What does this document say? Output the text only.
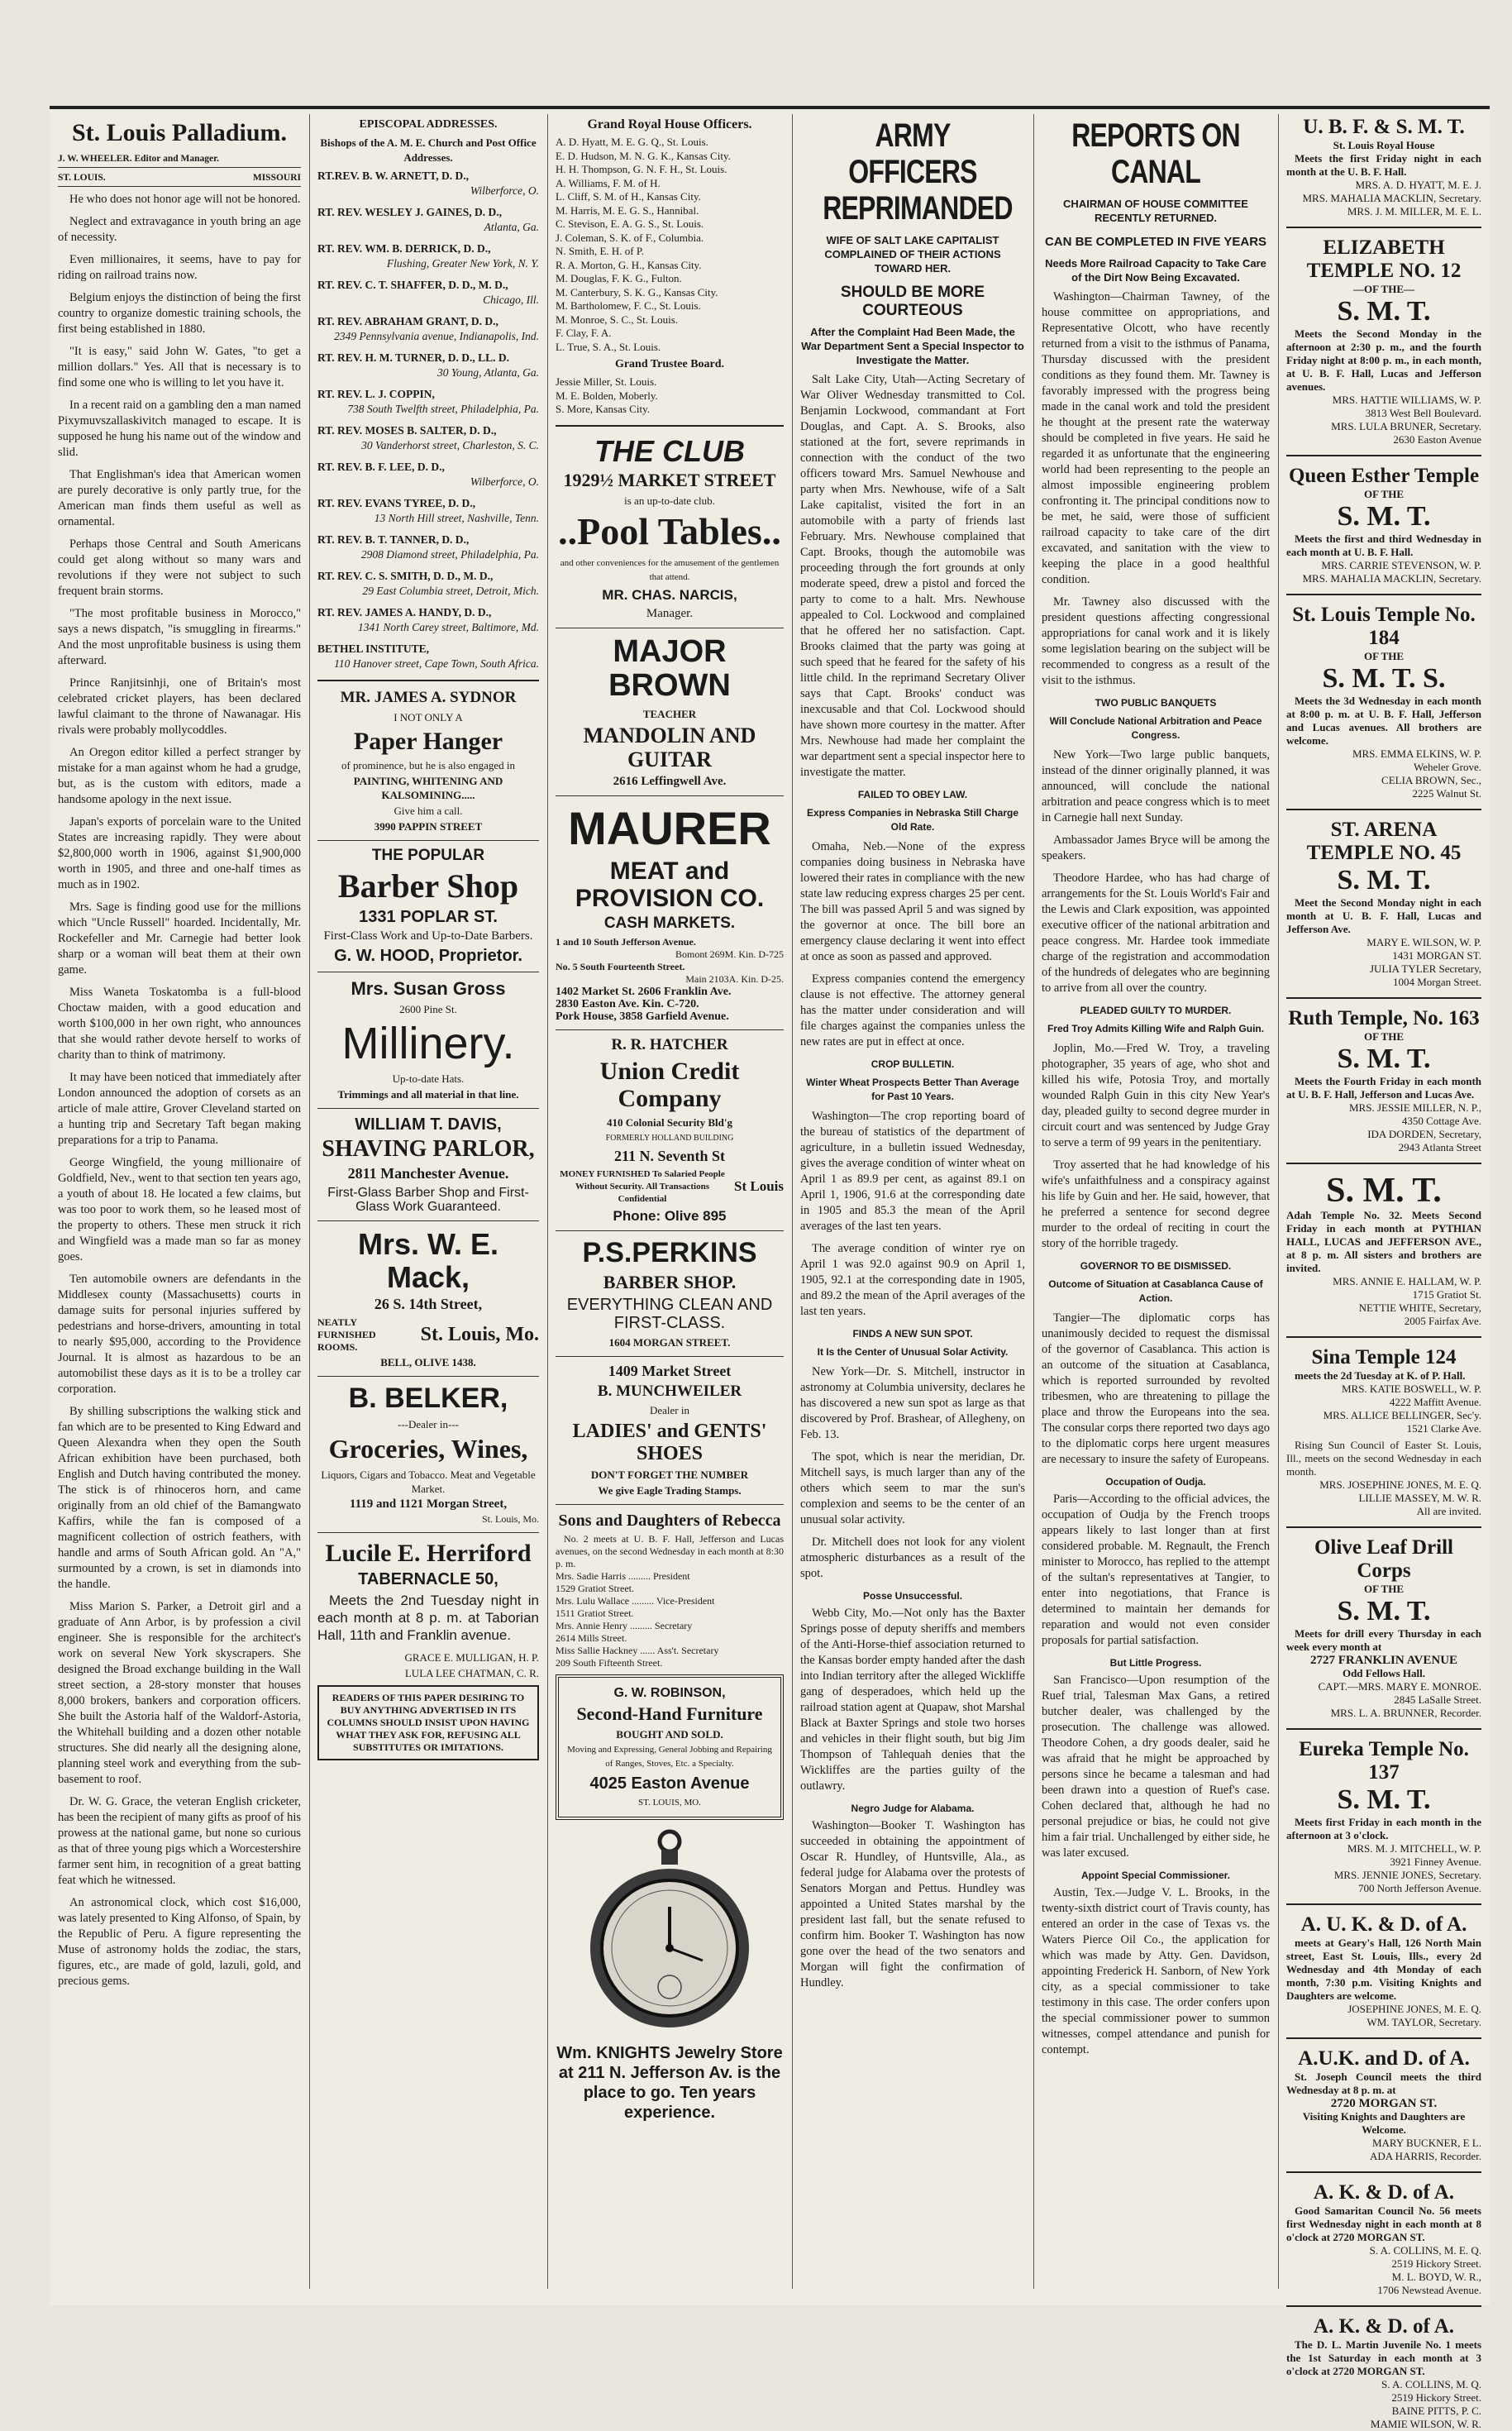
St. Louis Palladium.
J. W. WHEELER. Editor and Manager.
ST. LOUIS.	MISSOURI

He who does not honor age will not be honored.

Neglect and extravagance in youth bring an age of necessity.

Even millionaires, it seems, have to pay for riding on railroad trains now.

Belgium enjoys the distinction of being the first country to organize domestic training schools, the first being established in 1880.

"It is easy," said John W. Gates, "to get a million dollars." Yes. All that is necessary is to find some one who is willing to let you have it.

In a recent raid on a gambling den a man named Pixymuvszallaskivitch managed to escape. It is supposed he hung his name out of the window and slid.

That Englishman's idea that American women are purely decorative is only partly true, for the American man finds them useful as well as ornamental.

Perhaps those Central and South Americans could get along without so many wars and revolutions if they were not subject to such frequent brain storms.

"The most profitable business in Morocco," says a news dispatch, "is smuggling in firearms." And the most unprofitable business is using them afterward.

Prince Ranjitsinhji, one of Britain's most celebrated cricket players, has been declared lawful claimant to the throne of Nawanagar. His rivals were probably mollycoddles.

An Oregon editor killed a perfect stranger by mistake for a man against whom he had a grudge, but, as is the custom with editors, made a handsome apology in the next issue.

Japan's exports of porcelain ware to the United States are increasing rapidly. They were about $2,800,000 worth in 1906, against $1,900,000 worth in 1905, and three and one-half times as much as in 1902.

Mrs. Sage is finding good use for the millions which "Uncle Russell" hoarded. Incidentally, Mr. Rockefeller and Mr. Carnegie had better look sharp or a woman will beat them at their own game.

Miss Waneta Toskatomba is a full-blood Choctaw maiden, with a good education and worth $100,000 in her own right, who announces that she would rather devote herself to works of charity than to think of matrimony.

It may have been noticed that immediately after London announced the adoption of corsets as an article of male attire, Grover Cleveland started on a hunting trip and Secretary Taft began making preparations for a trip to Panama.

George Wingfield, the young millionaire of Goldfield, Nev., went to that section ten years ago, a youth of about 18. He located a few claims, but was too poor to work them, so he leased most of the property to others. These men struck it rich and Wingfield was a made man so far as money goes.

Ten automobile owners are defendants in the Middlesex county (Massachusetts) courts in damage suits for personal injuries suffered by pedestrians and horse-drivers, amounting in total to nearly $95,000, according to the Providence Journal. It is almost as hazardous to be an automobilist these days as it is to be a trolley car corporation.

By shilling subscriptions the walking stick and fan which are to be presented to King Edward and Queen Alexandra when they open the South African exhibition have been purchased, both English and Dutch having contributed the money. The stick is of rhinoceros horn, and came originally from an old chief of the Bamangwato Kaffirs, while the fan is composed of a magnificent collection of ostrich feathers, with handle and arms of South African gold. An "A," surmounted by a crown, is set in diamonds into the handle.

Miss Marion S. Parker, a Detroit girl and a graduate of Ann Arbor, is by profession a civil engineer. She is responsible for the architect's work on several New York skyscrapers. She designed the Broad exchange building in the Wall street section, a 28-story monster that houses 8,000 brokers, bankers and corporation officers. She built the Astoria half of the Waldorf-Astoria, the Whitehall building and a dozen other notable structures. She did nearly all the designing alone, planning steel work and everything from the sub-basement to roof.

Dr. W. G. Grace, the veteran English cricketer, has been the recipient of many gifts as proof of his prowess at the national game, but none so curious as that of three young pigs which a Worcestershire farmer sent him, in recognition of a great batting feat which he witnessed.

An astronomical clock, which cost $16,000, was lately presented to King Alfonso, of Spain, by the Republic of Peru. A figure representing the Muse of astronomy holds the zodiac, the stars, figures, etc., are made of gold, lazuli, gold, and precious gems.

EPISCOPAL ADDRESSES.
Bishops of the A. M. E. Church and Post Office Addresses.
RT.REV. B. W. ARNETT, D. D.,
Wilberforce, O.
RT. REV. WESLEY J. GAINES, D. D.,
Atlanta, Ga.
RT. REV. WM. B. DERRICK, D. D.,
Flushing, Greater New York, N. Y.
RT. REV. C. T. SHAFFER, D. D., M. D.,
Chicago, Ill.
RT. REV. ABRAHAM GRANT, D. D.,
2349 Pennsylvania avenue, Indianapolis, Ind.
RT. REV. H. M. TURNER, D. D., LL. D.
30 Young, Atlanta, Ga.
RT. REV. L. J. COPPIN,
738 South Twelfth street, Philadelphia, Pa.
RT. REV. MOSES B. SALTER, D. D.,
30 Vanderhorst street, Charleston, S. C.
RT. REV. B. F. LEE, D. D.,
Wilberforce, O.
RT. REV. EVANS TYREE, D. D.,
13 North Hill street, Nashville, Tenn.
RT. REV. B. T. TANNER, D. D.,
2908 Diamond street, Philadelphia, Pa.
RT. REV. C. S. SMITH, D. D., M. D.,
29 East Columbia street, Detroit, Mich.
RT. REV. JAMES A. HANDY, D. D.,
1341 North Carey street, Baltimore, Md.
BETHEL INSTITUTE,
110 Hanover street, Cape Town, South Africa.
MR. JAMES A. SYDNOR
I NOT ONLY A
Paper Hanger
of prominence, but he is also engaged in
PAINTING, WHITENING AND KALSOMINING.....
Give him a call.
3990 PAPPIN STREET
THE POPULAR
Barber Shop
1331 POPLAR ST.
First-Class Work and Up-to-Date Barbers.
G. W. HOOD, Proprietor.
Mrs. Susan Gross
2600 Pine St.
Millinery.
Up-to-date Hats.
Trimmings and all material in that line.
WILLIAM T. DAVIS,
SHAVING PARLOR,
2811 Manchester Avenue.
First-Glass Barber Shop and First-Glass Work Guaranteed.
Mrs. W. E. Mack,
26 S. 14th Street,
NEATLY FURNISHED ROOMS.
St. Louis, Mo.
BELL, OLIVE 1438.
B. BELKER,
---Dealer in---
Groceries, Wines,
Liquors, Cigars and Tobacco. Meat and Vegetable Market.
1119 and 1121 Morgan Street,
St. Louis, Mo.
Lucile E. Herriford
TABERNACLE 50,

Meets the 2nd Tuesday night in each month at 8 p. m. at Taborian Hall, 11th and Franklin avenue.

GRACE E. MULLIGAN, H. P.
LULA LEE CHATMAN, C. R.
READERS OF THIS PAPER DESIRING TO BUY ANYTHING ADVERTISED IN ITS COLUMNS SHOULD INSIST UPON HAVING WHAT THEY ASK FOR, REFUSING ALL SUBSTITUTES OR IMITATIONS.
Grand Royal House Officers.
A. D. Hyatt, M. E. G. Q., St. Louis.
E. D. Hudson, M. N. G. K., Kansas City.
H. H. Thompson, G. N. F. H., St. Louis.
A. Williams, F. M. of H.
L. Cliff, S. M. of H., Kansas City.
M. Harris, M. E. G. S., Hannibal.
C. Stevison, E. A. G. S., St. Louis.
J. Coleman, S. K. of F., Columbia.
N. Smith, E. H. of P.
R. A. Morton, G. H., Kansas City.
M. Douglas, F. K. G., Fulton.
M. Canterbury, S. K. G., Kansas City.
M. Bartholomew, F. C., St. Louis.
M. Monroe, S. C., St. Louis.
F. Clay, F. A.
L. True, S. A., St. Louis.
Grand Trustee Board.
Jessie Miller, St. Louis.
M. E. Bolden, Moberly.
S. More, Kansas City.
THE CLUB
1929½ MARKET STREET
is an up-to-date club.
..Pool Tables..
and other conveniences for the amusement of the gentlemen that attend.
MR. CHAS. NARCIS,
Manager.
MAJOR BROWN
TEACHER
MANDOLIN AND GUITAR
2616 Leffingwell Ave.
MAURER
MEAT and PROVISION CO.
CASH MARKETS.
1 and 10 South Jefferson Avenue.
Bomont 269M. Kin. D-725
No. 5 South Fourteenth Street.
Main 2103A. Kin. D-25.
1402 Market St. 2606 Franklin Ave.
2830 Easton Ave. Kin. C-720.
Pork House, 3858 Garfield Avenue.
R. R. HATCHER
Union Credit Company
410 Colonial Security Bld'g
FORMERLY HOLLAND BUILDING
211 N. Seventh St
MONEY FURNISHED To Salaried People Without Security. All Transactions Confidential
St Louis
Phone: Olive 895
P.S.PERKINS
BARBER SHOP.
EVERYTHING CLEAN AND FIRST-CLASS.
1604 MORGAN STREET.
1409 Market Street
B. MUNCHWEILER
Dealer in
LADIES' and GENTS' SHOES
DON'T FORGET THE NUMBER
We give Eagle Trading Stamps.
Sons and Daughters of Rebecca

No. 2 meets at U. B. F. Hall, Jefferson and Lucas avenues, on the second Wednesday in each month at 8:30 p. m.

Mrs. Sadie Harris ......... President
1529 Gratiot Street.
Mrs. Lulu Wallace ......... Vice-President
1511 Gratiot Street.
Mrs. Annie Henry ......... Secretary
2614 Mills Street.
Miss Sallie Hackney ...... Ass't. Secretary
209 South Fifteenth Street.
G. W. ROBINSON,
Second-Hand Furniture
BOUGHT AND SOLD.
Moving and Expressing, General Jobbing and Repairing of Ranges, Stoves, Etc. a Specialty.
4025 Easton Avenue
ST. LOUIS, MO.
Wm. KNIGHTS Jewelry Store at 211 N. Jefferson Av. is the place to go. Ten years experience.
ARMY OFFICERS REPRIMANDED
WIFE OF SALT LAKE CAPITALIST COMPLAINED OF THEIR ACTIONS TOWARD HER.
SHOULD BE MORE COURTEOUS
After the Complaint Had Been Made, the War Department Sent a Special Inspector to Investigate the Matter.

Salt Lake City, Utah—Acting Secretary of War Oliver Wednesday transmitted to Col. Benjamin Lockwood, commandant at Fort Douglas, and Capt. A. S. Brooks, also stationed at the fort, severe reprimands in connection with the conduct of the two officers toward Mrs. Samuel Newhouse and party when Mrs. Newhouse, wife of a Salt Lake capitalist, visited the fort in an automobile with a party of friends last February. Mrs. Newhouse complained that Capt. Brooks, though the automobile was proceeding through the fort grounds at only moderate speed, drew a pistol and forced the party to come to a halt. Mrs. Newhouse appealed to Col. Lockwood and complained that he offered her no satisfaction. Capt. Brooks claimed that the party was going at such speed that he feared for the safety of his little child. In the reprimand Secretary Oliver says that Capt. Brooks' conduct was inexcusable and that Col. Lockwood should have shown more courtesy in the matter. After Mrs. Newhouse had made her complaint the war department sent a special inspector here to investigate the matter.

FAILED TO OBEY LAW.
Express Companies in Nebraska Still Charge Old Rate.

Omaha, Neb.—None of the express companies doing business in Nebraska have lowered their rates in compliance with the new state law reducing express charges 25 per cent. The bill was passed April 5 and was signed by the governor at once. The bill bore an emergency clause declaring it went into effect at once as soon as passed and approved.

Express companies contend the emergency clause is not effective. The attorney general has the matter under consideration and will file charges against the companies unless the new rates are put in effect at once.

CROP BULLETIN.
Winter Wheat Prospects Better Than Average for Past 10 Years.

Washington—The crop reporting board of the bureau of statistics of the department of agriculture, in a bulletin issued Wednesday, gives the average condition of winter wheat on April 1 as 89.9 per cent, as against 89.1 on April 1, 1906, 91.6 at the corresponding date in 1905 and 85.3 the mean of the April averages of the last ten years.

The average condition of winter rye on April 1 was 92.0 against 90.9 on April 1, 1905, 92.1 at the corresponding date in 1905, and 89.2 the mean of the April averages of the last ten years.

FINDS A NEW SUN SPOT.
It Is the Center of Unusual Solar Activity.

New York—Dr. S. Mitchell, instructor in astronomy at Columbia university, declares he has discovered a new sun spot as large as that discovered by Prof. Brashear, of Allegheny, on Feb. 13.

The spot, which is near the meridian, Dr. Mitchell says, is much larger than any of the others which seem to mar the sun's complexion and seems to be the center of an unusual solar activity.

Dr. Mitchell does not look for any violent atmospheric disturbances as a result of the spot.

Posse Unsuccessful.

Webb City, Mo.—Not only has the Baxter Springs posse of deputy sheriffs and members of the Anti-Horse-thief association returned to the Kansas border empty handed after the dash into Indian territory after the alleged Wickliffe gang of desperadoes, which held up the railroad station agent at Quapaw, shot Marshal Black at Baxter Springs and stole two horses and vehicles in their flight south, but big Jim Thompson of Tahlequah denies that the Wickliffes are the parties guilty of the outlawry.

Negro Judge for Alabama.

Washington—Booker T. Washington has succeeded in obtaining the appointment of Oscar R. Hundley, of Huntsville, Ala., as federal judge for Alabama over the protests of Senators Morgan and Pettus. Hundley was appointed a United States marshal by the president last fall, but the senate refused to confirm him. Booker T. Washington has now gone over the head of the two senators and Morgan will fight the confirmation of Hundley.

REPORTS ON CANAL
CHAIRMAN OF HOUSE COMMITTEE RECENTLY RETURNED.
CAN BE COMPLETED IN FIVE YEARS
Needs More Railroad Capacity to Take Care of the Dirt Now Being Excavated.

Washington—Chairman Tawney, of the house committee on appropriations, and Representative Olcott, who have recently returned from a visit to the isthmus of Panama, Thursday discussed with the president conditions as they found them. Mr. Tawney is favorably impressed with the progress being made in the canal work and told the president he thought at the present rate the waterway should be completed in five years. He said he regarded it as unfortunate that the engineering world had been representing to the people an almost impossible engineering problem confronting it. The principal conditions now to be met, he said, were those of sufficient railroad capacity to take care of the dirt excavated, and sanitation with the view to keeping the place in a good healthful condition.

Mr. Tawney also discussed with the president questions affecting congressional appropriations for canal work and it is likely some legislation bearing on the subject will be recommended to congress as a result of the visit to the isthmus.

TWO PUBLIC BANQUETS
Will Conclude National Arbitration and Peace Congress.

New York—Two large public banquets, instead of the dinner originally planned, it was announced, will conclude the national arbitration and peace congress which is to meet in Carnegie hall next Sunday.

Ambassador James Bryce will be among the speakers.

Theodore Hardee, who has had charge of arrangements for the St. Louis World's Fair and the Lewis and Clark exposition, was appointed executive officer of the national arbitration and peace congress. Mr. Hardee took immediate charge of the registration and accommodation of the hundreds of delegates who are beginning to arrive from all over the country.

PLEADED GUILTY TO MURDER.
Fred Troy Admits Killing Wife and Ralph Guin.

Joplin, Mo.—Fred W. Troy, a traveling photographer, 35 years of age, who shot and killed his wife, Potosia Troy, and mortally wounded Ralph Guin in this city New Year's day, pleaded guilty to second degree murder in circuit court and was sentenced by Judge Gray to serve a term of 99 years in the penitentiary.

Troy asserted that he had knowledge of his wife's unfaithfulness and a conspiracy against his life by Guin and her. He said, however, that he preferred a sentence for second degree murder to the ordeal of reciting in court the story of the horrible tragedy.

GOVERNOR TO BE DISMISSED.
Outcome of Situation at Casablanca Cause of Action.

Tangier—The diplomatic corps has unanimously decided to request the dismissal of the governor of Casablanca. This action is an outcome of the situation at Casablanca, which is reported surrounded by revolted tribesmen, who are threatening to pillage the place and throw the Europeans into the sea. The consular corps there reported two days ago to the diplomatic corps here urgent measures are necessary to insure the safety of Europeans.

Occupation of Oudja.

Paris—According to the official advices, the occupation of Oudja by the French troops appears likely to last longer than at first considered probable. M. Regnault, the French minister to Morocco, has replied to the attempt of the sultan's representatives at Tangier, to enter into negotiations, that France is determined to maintain her demands for reparation and would not even consider proposals for partial satisfaction.

But Little Progress.

San Francisco—Upon resumption of the Ruef trial, Talesman Max Gans, a retired butcher dealer, was challenged by the prosecution. The challenge was allowed. Theodore Cohen, a dry goods dealer, said he was afraid that he might be approached by persons since he became a talesman and had been drawn into a question of Ruef's case. Cohen declared that, although he had no personal prejudice or bias, he could not give him a fair trial. Unchallenged by either side, he was later excused.

Appoint Special Commissioner.

Austin, Tex.—Judge V. L. Brooks, in the twenty-sixth district court of Travis county, has entered an order in the case of Texas vs. the Waters Pierce Oil Co., the application for which was made by Atty. Gen. Davidson, appointing Frederick H. Sanborn, of New York city, as a special commissioner to take testimony in this case. The order confers upon the special commissioner power to summon witnesses, compel attendance and punish for contempt.

U. B. F. & S. M. T.
St. Louis Royal House

Meets the first Friday night in each month at the U. B. F. Hall.

MRS. A. D. HYATT, M. E. J.
MRS. MAHALIA MACKLIN, Secretary.
MRS. J. M. MILLER, M. E. L.
ELIZABETH TEMPLE NO. 12
—OF THE—
S. M. T.

Meets the Second Monday in the afternoon at 2:30 p. m., and the fourth Friday night at 8:00 p. m., in each month, at U. B. F. Hall, Lucas and Jefferson avenues.

MRS. HATTIE WILLIAMS, W. P.
3813 West Bell Boulevard.
MRS. LULA BRUNER, Secretary.
2630 Easton Avenue
Queen Esther Temple
OF THE
S. M. T.

Meets the first and third Wednesday in each month at U. B. F. Hall.

MRS. CARRIE STEVENSON, W. P.
MRS. MAHALIA MACKLIN, Secretary.
St. Louis Temple No. 184
OF THE
S. M. T. S.

Meets the 3d Wednesday in each month at 8:00 p. m. at U. B. F. Hall, Jefferson and Lucas avenues. All brothers are welcome.

MRS. EMMA ELKINS, W. P.
Weheler Grove.
CELIA BROWN, Sec.,
2225 Walnut St.
ST. ARENA TEMPLE NO. 45
S. M. T.

Meet the Second Monday night in each month at U. B. F. Hall, Lucas and Jefferson Ave.

MARY E. WILSON, W. P.
1431 MORGAN ST.
JULIA TYLER Secretary,
1004 Morgan Street.
Ruth Temple, No. 163
OF THE
S. M. T.

Meets the Fourth Friday in each month at U. B. F. Hall, Jefferson and Lucas Ave.

MRS. JESSIE MILLER, N. P.,
4350 Cottage Ave.
IDA DORDEN, Secretary,
2943 Atlanta Street
S. M. T.

Adah Temple No. 32. Meets Second Friday in each month at PYTHIAN HALL, LUCAS and JEFFERSON AVE., at 8 p. m. All sisters and brothers are invited.

MRS. ANNIE E. HALLAM, W. P.
1715 Gratiot St.
NETTIE WHITE, Secretary,
2005 Fairfax Ave.
Sina Temple 124

meets the 2d Tuesday at K. of P. Hall.

MRS. KATIE BOSWELL, W. P.
4222 Maffitt Avenue.
MRS. ALLICE BELLINGER, Sec'y.
1521 Clarke Ave.

Rising Sun Council of Easter St. Louis, Ill., meets on the second Wednesday in each month.

MRS. JOSEPHINE JONES, M. E. Q.
LILLIE MASSEY, M. W. R.
All are invited.
Olive Leaf Drill Corps
OF THE
S. M. T.

Meets for drill every Thursday in each week every month at

2727 FRANKLIN AVENUE
Odd Fellows Hall.
CAPT.—MRS. MARY E. MONROE.
2845 LaSalle Street.
MRS. L. A. BRUNNER, Recorder.
Eureka Temple No. 137
S. M. T.

Meets first Friday in each month in the afternoon at 3 o'clock.

MRS. M. J. MITCHELL, W. P.
3921 Finney Avenue.
MRS. JENNIE JONES, Secretary.
700 North Jefferson Avenue.
A. U. K. & D. of A.

meets at Geary's Hall, 126 North Main street, East St. Louis, Ills., every 2d Wednesday and 4th Monday of each month, 7:30 p.m. Visiting Knights and Daughters are welcome.

JOSEPHINE JONES, M. E. Q.
WM. TAYLOR, Secretary.
A.U.K. and D. of A.

St. Joseph Council meets the third Wednesday at 8 p. m. at

2720 MORGAN ST.
Visiting Knights and Daughters are Welcome.
MARY BUCKNER, E L.
ADA HARRIS, Recorder.
A. K. & D. of A.

Good Samaritan Council No. 56 meets first Wednesday night in each month at 8 o'clock at 2720 MORGAN ST.

S. A. COLLINS, M. E. Q.
2519 Hickory Street.
M. L. BOYD, W. R.,
1706 Newstead Avenue.
A. K. & D. of A.

The D. L. Martin Juvenile No. 1 meets the 1st Saturday in each month at 3 o'clock at 2720 MORGAN ST.

S. A. COLLINS, M. Q.
2519 Hickory Street.
BAINE PITTS, P. C.
MAMIE WILSON, W. R.
